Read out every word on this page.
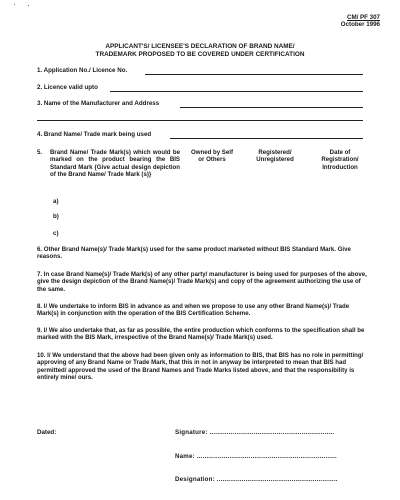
CM/ PF 307
October 1996
APPLICANT'S/ LICENSEE'S DECLARATION OF BRAND NAME/
TRADEMARK PROPOSED TO BE COVERED UNDER CERTIFICATION
1. Application No./ Licence No.
2. Licence valid upto
3. Name of the Manufacturer and Address
4. Brand Name/ Trade mark being used
5. Brand Name/ Trade Mark(s) which would be marked on the product bearing the BIS Standard Mark {Give actual design depiction of the Brand Name/ Trade Mark (s)}
Owned by Self or Others
Registered/ Unregistered
Date of Registration/ Introduction
a)
b)
c)
6. Other Brand Name(s)/ Trade Mark(s) used for the same product marketed without BIS Standard Mark. Give reasons.
7. In case Brand Name(s)/ Trade Mark(s) of any other party/ manufacturer is being used for purposes of the above, give the design depiction of the Brand Name(s)/ Trade Mark(s) and copy of the agreement authorizing the use of the same.
8. I/ We undertake to inform BIS in advance as and when we propose to use any other Brand Name(s)/ Trade Mark(s) in conjunction with the operation of the BIS Certification Scheme.
9. I/ We also undertake that, as far as possible, the entire production which conforms to the specification shall be marked with the BIS Mark, irrespective of the Brand Name(s)/ Trade Mark(s) used.
10. I/ We understand that the above had been given only as information to BIS, that BIS has no role in permitting/ approving of any Brand Name or Trade Mark, that this in not in anyway be interpreted to mean that BIS had permitted/ approved the used of the Brand Names and Trade Marks listed above, and that the responsibility is entirely mine/ ours.
Dated:	Signature: .................................................................
Name: .........................................................................
Designation: ...............................................................
